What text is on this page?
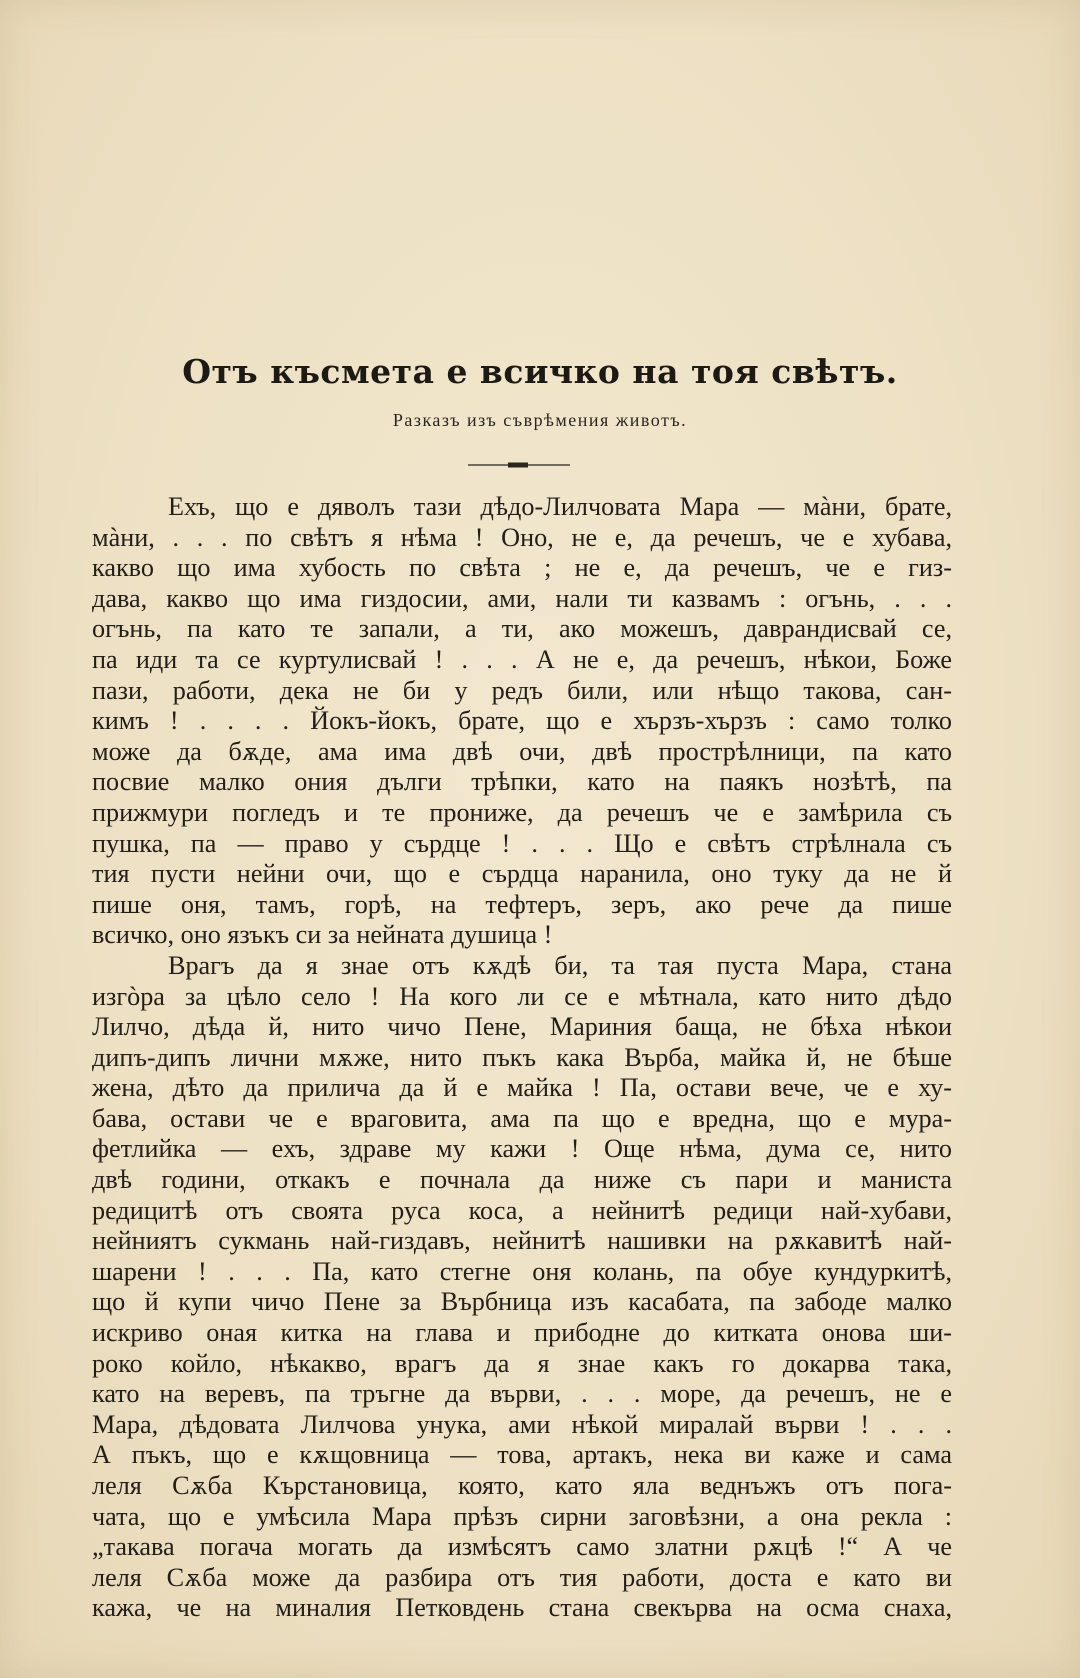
Отъ късмета е всичко на тоя свѣтъ.
Разказъ изъ съврѣмения животъ.
Ехъ, що е дяволъ тази дѣдо-Лилчовата Мара — мàни, брате,
мàни, . . . по свѣтъ я нѣма ! Оно, не е, да речешъ, че е хубава,
какво що има хубость по свѣта ; не е, да речешъ, че е гиз-
дава, какво що има гиздосии, ами, нали ти казвамъ : огънь, . . .
огънь, па като те запали, а ти, ако можешъ, даврандисвай се,
па иди та се куртулисвай ! . . . А не е, да речешъ, нѣкои, Боже
пази, работи, дека не би у редъ били, или нѣщо такова, сан-
кимъ ! . . . . Йокъ-йокъ, брате, що е хързъ-хързъ : само толко
може да бѫде, ама има двѣ очи, двѣ прострѣлници, па като
посвие малко ония дълги трѣпки, като на паякъ нозѣтѣ, па
прижмури погледъ и те прониже, да речешъ че е замѣрила съ
пушка, па — право у сърдце ! . . . Що е свѣтъ стрѣлнала съ
тия пусти нейни очи, що е сърдца наранила, оно туку да не й
пише оня, тамъ, горѣ, на тефтеръ, зеръ, ако рече да пише
всичко, оно язъкъ си за нейната душица !
Врагъ да я знае отъ кѫдѣ би, та тая пуста Мара, стана
изгòра за цѣло село ! На кого ли се е мѣтнала, като нито дѣдо
Лилчо, дѣда й, нито чичо Пене, Мариния баща, не бѣха нѣкои
дипъ-дипъ лични мѫже, нито пъкъ кака Върба, майка й, не бѣше
жена, дѣто да прилича да й е майка ! Па, остави вече, че е ху-
бава, остави че е враговита, ама па що е вредна, що е мура-
фетлийка — ехъ, здраве му кажи ! Още нѣма, дума се, нито
двѣ години, откакъ е почнала да ниже съ пари и маниста
редицитѣ отъ своята руса коса, а нейнитѣ редици най-хубави,
нейниятъ сукмань най-гиздавъ, нейнитѣ нашивки на рѫкавитѣ най-
шарени ! . . . Па, като стегне оня колань, па обуе кундуркитѣ,
що й купи чичо Пене за Върбница изъ касабата, па забоде малко
искриво оная китка на глава и прибодне до китката онова ши-
роко койло, нѣкакво, врагъ да я знае какъ го докарва така,
като на веревъ, па тръгне да върви, . . . море, да речешъ, не е
Мара, дѣдовата Лилчова унука, ами нѣкой миралай върви ! . . .
А пъкъ, що е кѫщовница — това, артакъ, нека ви каже и сама
леля Сѫба Кърстановица, която, като яла веднъжъ отъ пога-
чата, що е умѣсила Мара прѣзъ сирни заговѣзни, а она рекла :
„такава погача могать да измѣсятъ само златни рѫцѣ !“ А че
леля Сѫба може да разбира отъ тия работи, доста е като ви
кажа, че на миналия Петковдень стана свекърва на осма снаха,
